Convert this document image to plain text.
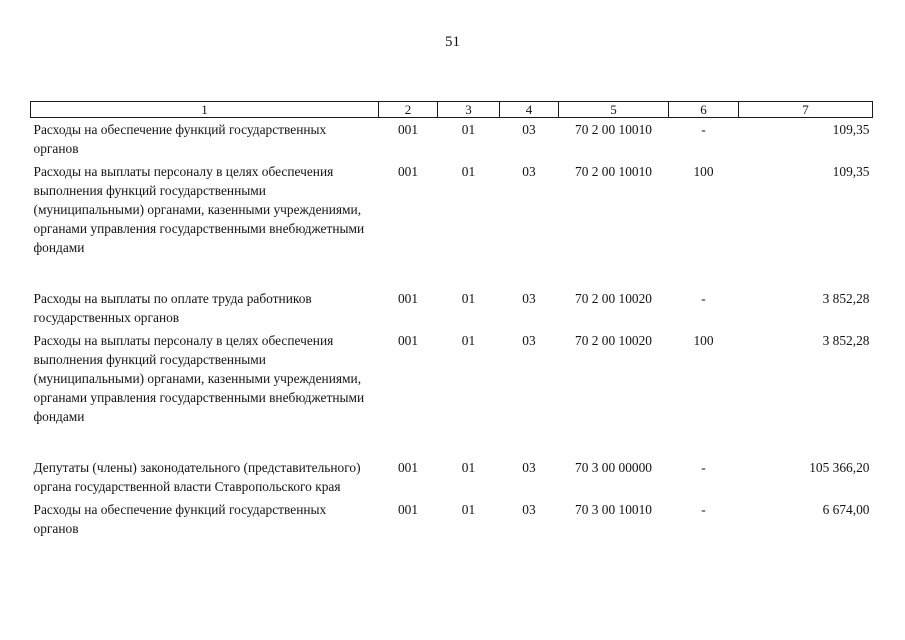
51
1	2	3	4	5	6	7
Расходы на обеспечение функций государственных органов	001	01	03	70 2 00 10010	-	109,35
Расходы на выплаты персоналу в целях обеспечения выполнения функций государственными (муниципальными) органами, казенными учреждениями, органами управления государственными внебюджетными фондами	001	01	03	70 2 00 10010	100	109,35
Расходы на выплаты по оплате труда работников государственных органов	001	01	03	70 2 00 10020	-	3 852,28
Расходы на выплаты персоналу в целях обеспечения выполнения функций государственными (муниципальными) органами, казенными учреждениями, органами управления государственными внебюджетными фондами	001	01	03	70 2 00 10020	100	3 852,28
Депутаты (члены) законодательного (представительного) органа государственной власти Ставропольского края	001	01	03	70 3 00 00000	-	105 366,20
Расходы на обеспечение функций государственных органов	001	01	03	70 3 00 10010	-	6 674,00
